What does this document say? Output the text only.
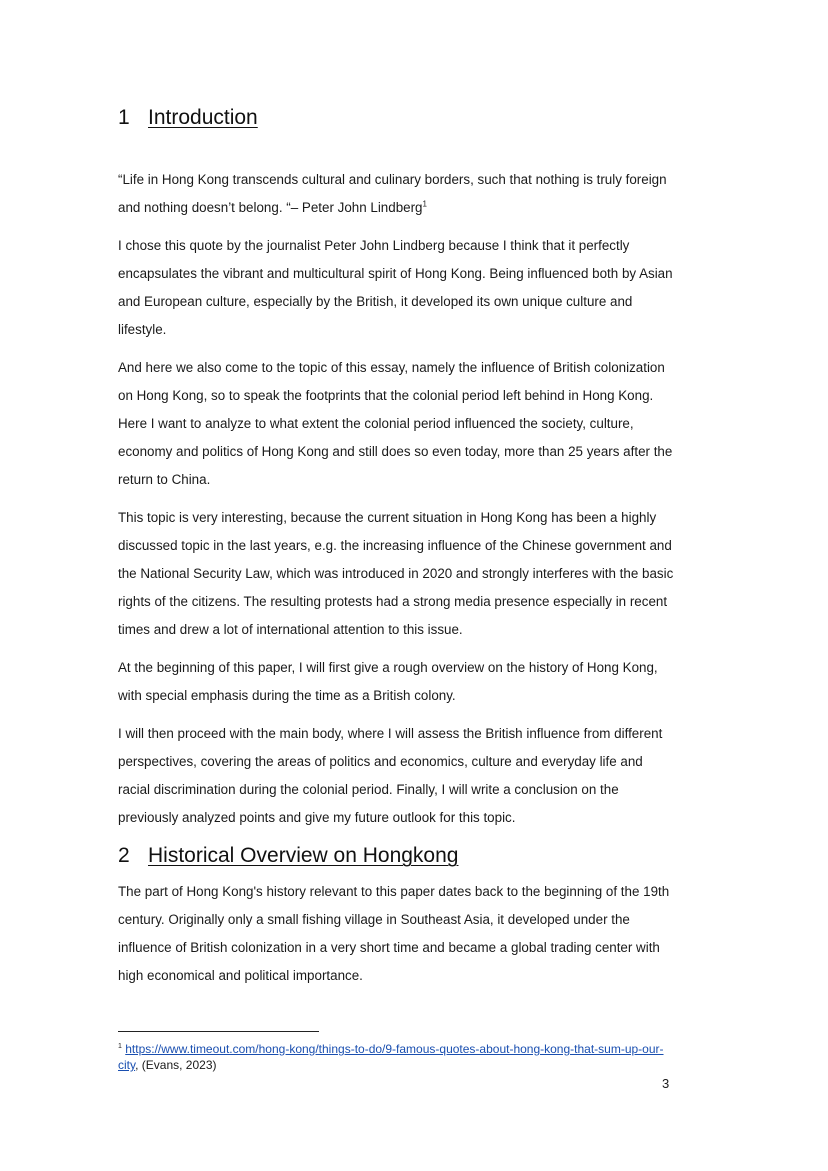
1 Introduction

“Life in Hong Kong transcends cultural and culinary borders, such that nothing is truly foreign and nothing doesn’t belong. “– Peter John Lindberg$^1$

I chose this quote by the journalist Peter John Lindberg because I think that it perfectly encapsulates the vibrant and multicultural spirit of Hong Kong. Being influenced both by Asian and European culture, especially by the British, it developed its own unique culture and lifestyle.

And here we also come to the topic of this essay, namely the influence of British colonization on Hong Kong, so to speak the footprints that the colonial period left behind in Hong Kong. Here I want to analyze to what extent the colonial period influenced the society, culture, economy and politics of Hong Kong and still does so even today, more than 25 years after the return to China.

This topic is very interesting, because the current situation in Hong Kong has been a highly discussed topic in the last years, e.g. the increasing influence of the Chinese government and the National Security Law, which was introduced in 2020 and strongly interferes with the basic rights of the citizens. The resulting protests had a strong media presence especially in recent times and drew a lot of international attention to this issue.

At the beginning of this paper, I will first give a rough overview on the history of Hong Kong, with special emphasis during the time as a British colony.

I will then proceed with the main body, where I will assess the British influence from different perspectives, covering the areas of politics and economics, culture and everyday life and racial discrimination during the colonial period. Finally, I will write a conclusion on the previously analyzed points and give my future outlook for this topic.

2 Historical Overview on Hongkong

The part of Hong Kong's history relevant to this paper dates back to the beginning of the 19th century. Originally only a small fishing village in Southeast Asia, it developed under the influence of British colonization in a very short time and became a global trading center with high economical and political importance.

$^1$ https://www.timeout.com/hong-kong/things-to-do/9-famous-quotes-about-hong-kong-that-sum-up-our-city, (Evans, 2023)
3
